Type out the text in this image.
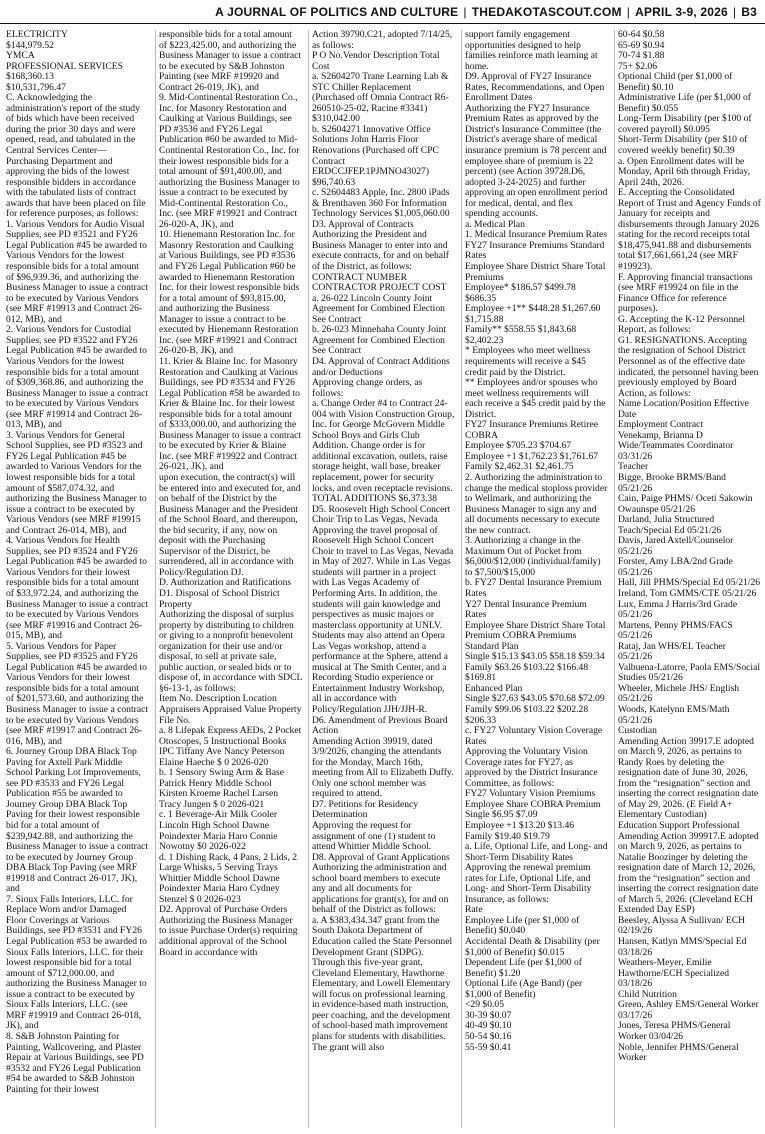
A JOURNAL OF POLITICS AND CULTURE | THEDAKOTASCOUT.COM | APRIL 3-9, 2026 | B3

ELECTRICITY

$144,979.52

YMCA

PROFESSIONAL SERVICES

$168,360.13

$10,531,796.47

C. Acknowledging the administration's report of the study of bids which have been received during the prior 30 days and were opened, read, and tabulated in the Central Services Center—Purchasing Department and approving the bids of the lowest responsible bidders in accordance with the tabulated lists of contract awards that have been placed on file for reference purposes, as follows:

1. Various Vendors for Audio Visual Supplies, see PD #3521 and FY26 Legal Publication #45 be awarded to Various Vendors for the lowest responsible bids for a total amount of $96,939.36, and authorizing the Business Manager to issue a contract to be executed by Various Vendors (see MRF #19913 and Contract 26-012, MB), and

2. Various Vendors for Custodial Supplies, see PD #3522 and FY26 Legal Publication #45 be awarded to Various Vendors for the lowest responsible bids for a total amount of $309,368.86, and authorizing the Business Manager to issue a contract to be executed by Various Vendors (see MRF #19914 and Contract 26-013, MB), and

3. Various Vendors for General School Supplies, see PD #3523 and FY26 Legal Publication #45 be awarded to Various Vendors for the lowest responsible bids for a total amount of $587,074.32, and authorizing the Business Manager to issue a contract to be executed by Various Vendors (see MRF #19915 and Contract 26-014, MB), and

4. Various Vendors for Health Supplies, see PD #3524 and FY26 Legal Publication #45 be awarded to Various Vendors for their lowest responsible bids for a total amount of $33,972.24, and authorizing the Business Manager to issue a contract to be executed by Various Vendors (see MRF #19916 and Contract 26-015, MB), and

5. Various Vendors for Paper Supplies, see PD #3525 and FY26 Legal Publication #45 be awarded to Various Vendors for their lowest responsible bids for a total amount of $201,573.60, and authorizing the Business Manager to issue a contract to be executed by Various Vendors (see MRF #19917 and Contract 26-016, MB), and

6. Journey Group DBA Black Top Paving for Axtell Park Middle School Parking Lot Improvements, see PD #3533 and FY26 Legal Publication #55 be awarded to Journey Group DBA Black Top Paving for their lowest responsible bid for a total amount of $239,942.88, and authorizing the Business Manager to issue a contract to be executed by Journey Group DBA Black Top Paving (see MRF #19918 and Contract 26-017, JK), and

7. Sioux Falls Interiors, LLC. for Replace Worn and/or Damaged Floor Coverings at Various Buildings, see PD #3531 and FY26 Legal Publication #53 be awarded to Sioux Falls Interiors, LLC. for their lowest responsible bid for a total amount of $712,000.00, and authorizing the Business Manager to issue a contract to be executed by Sioux Falls Interiors, LLC. (see MRF #19919 and Contract 26-018, JK), and

8. S&B Johnston Painting for Painting, Wallcovering, and Plaster Repair at Various Buildings, see PD #3532 and FY26 Legal Publication #54 be awarded to S&B Johnston Painting for their lowest

responsible bids for a total amount of $223,425.00, and authorizing the Business Manager to issue a contract to be executed by S&B Johnston Painting (see MRF #19920 and Contract 26-019, JK), and

9. Mid-Continental Restoration Co., Inc. for Masonry Restoration and Caulking at Various Buildings, see PD #3536 and FY26 Legal Publication #60 be awarded to Mid-Continental Restoration Co., Inc. for their lowest responsible bids for a total amount of $91,400.00, and authorizing the Business Manager to issue a contract to be executed by Mid-Continental Restoration Co., Inc. (see MRF #19921 and Contract 26-020-A, JK), and

10. Hienemann Restoration Inc. for Masonry Restoration and Caulking at Various Buildings, see PD #3536 and FY26 Legal Publication #60 be awarded to Hienemann Restoration Inc. for their lowest responsible bids for a total amount of $93,815.00, and authorizing the Business Manager to issue a contract to be executed by Hienemann Restoration Inc. (see MRF #19921 and Contract 26-020-B, JK), and

11. Krier & Blaine Inc. for Masonry Restoration and Caulking at Various Buildings, see PD #3534 and FY26 Legal Publication #58 be awarded to Krier & Blaine Inc. for their lowest responsible bids for a total amount of $333,000.00, and authorizing the Business Manager to issue a contract to be executed by Krier & Blaine Inc. (see MRF #19922 and Contract 26-021, JK), and

upon execution, the contract(s) will be entered into and executed for, and on behalf of the District by the Business Manager and the President of the School Board, and thereupon, the bid security, if any, now on deposit with the Purchasing Supervisor of the District, be surrendered, all in accordance with Policy/Regulation DJ.

D. Authorization and Ratifications

D1. Disposal of School District Property

Authorizing the disposal of surplus property by distributing to children or giving to a nonprofit benevolent organization for their use and/or disposal, to sell at private sale, public auction, or sealed bids or to dispose of, in accordance with SDCL §6-13-1, as follows:

Item No. Description Location Appraisers Appraised Value Property File No.

a. 8 Lifepak Express AEDs, 2 Pocket Otoscopes, 5 Instructional Books IPC Tiffany Ave Nancy Peterson Elaine Haeche $ 0 2026-020

b. 1 Sensory Swing Arm & Base Patrick Henry Middle School Kirsten Kroeme Rachel Larsen Tracy Jungen $ 0 2026-021

c. 1 Beverage-Air Milk Cooler Lincoln High School Dawne Poindexter Maria Haro Connie Nowotny $0 2026-022

d. 1 Dishing Rack, 4 Pans, 2 Lids, 2 Large Whisks, 5 Serving Trays Whittier Middle School Dawne Poindexter Maria Haro Cydney Stenzel $ 0 2026-023

D2. Approval of Purchase Orders

Authorizing the Business Manager to issue Purchase Order(s) requiring additional approval of the School Board in accordance with

Action 39790.C21, adopted 7/14/25, as follows:

P O No.Vendor Description Total Cost

a. S2604270 Trane Learning Lab & STC Chiller Replacement (Purchased off Omnia Contract R6-260510-25-02, Racine #3341) $310,042.00

b. S2604271 Innovative Office Solutions John Harris Floor Renovations (Purchased off CPC Contract ERDCCJFEP.1PJMNO43027) $96,740.63

c. S2604483 Apple, Inc. 2800 iPads & Brenthaven 360 For Information Technology Services $1,005,060.00

D3. Approval of Contracts

Authorizing the President and Business Manager to enter into and execute contracts, for and on behalf of the District, as follows:

CONTRACT NUMBER CONTRACTOR PROJECT COST

a. 26-022 Lincoln County Joint Agreement for Combined Election See Contract

b. 26-023 Minnehaha County Joint Agreement for Combined Election See Contract

D4. Approval of Contract Additions and/or Deductions

Approving change orders, as follows:

a. Change Order #4 to Contract 24-004 with Vision Construction Group, Inc. for George McGovern Middle School Boys and Girls Club Addition. Change order is for additional excavation, outlets, raise storage height, wall base, breaker replacement, power for security locks, and oven receptacle revisions.

TOTAL ADDITIONS $6,373.38

D5. Roosevelt High School Concert Choir Trip to Las Vegas, Nevada

Approving the travel proposal of Roosevelt High School Concert Choir to travel to Las Vegas, Nevada in May of 2027. While in Las Vegas students will partner in a project with Las Vegas Academy of Performing Arts. In addition, the students will gain knowledge and perspectives as music majors or masterclass opportunity at UNLV. Students may also attend an Opera Las Vegas workshop, attend a performance at the Sphere, attend a musical at The Smith Center, and a Recording Studio experience or Entertainment Industry Workshop, all in accordance with Policy/Regulation JJH/JJH-R.

D6. Amendment of Previous Board Action

Amending Action 39919, dated 3/9/2026, changing the attendants for the Monday, March 16th, meeting from All to Elizabeth Duffy. Only one school member was required to attend.

D7. Petitions for Residency Determination

Approving the request for assignment of one (1) student to attend Whittier Middle School.

D8. Approval of Grant Applications

Authorizing the administration and school board members to execute any and all documents for applications for grant(s), for and on behalf of the District as follows:

a. A $383,434.347 grant from the South Dakota Department of Education called the State Personnel Development Grant (SDPG). Through this five-year grant, Cleveland Elementary, Hawthorne Elementary, and Lowell Elementary will focus on professional learning in evidence-based math instruction, peer coaching, and the development of school-based math improvement plans for students with disabilities. The grant will also

support family engagement opportunities designed to help families reinforce math learning at home.

D9. Approval of FY27 Insurance Rates, Recommendations, and Open Enrollment Dates

Authorizing the FY27 Insurance Premium Rates as approved by the District's Insurance Committee (the District's average share of medical insurance premium is 78 percent and employee share of premium is 22 percent) (see Action 39728.D6, adopted 3-24-2025) and further approving an open enrollment period for medical, dental, and flex spending accounts.

a. Medical Plan

1. Medical Insurance Premium Rates

FY27 Insurance Premiums Standard Rates

Employee Share District Share Total Premiums

Employee* $186.57 $499.78 $686.35

Employee +1** $448.28 $1,267.60 $1,715.88

Family** $558.55 $1,843.68 $2,402.23

* Employees who meet wellness requirements will receive a $45 credit paid by the District.

** Employees and/or spouses who meet wellness requirements will each receive a $45 credit paid by the District.

FY27 Insurance Premiums Retiree COBRA

Employee $705.23 $704.67

Employee +1 $1,762.23 $1,761.67

Family $2,462.31 $2,461.75

2. Authorizing the administration to change the medical stoploss provider to Wellmark, and authorizing the Business Manager to sign any and all documents necessary to execute the new contract.

3. Authorizing a change in the Maximum Out of Pocket from $6,000/$12,000 (individual/family) to $7,500/$15,000

b. FY27 Dental Insurance Premium Rates

Y27 Dental Insurance Premium Rates

Employee Share District Share Total Premium COBRA Premiums

Standard Plan

Single $15.13 $43.05 $58.18 $59.34

Family $63.26 $103.22 $166.48 $169.81

Enhanced Plan

Single $27.63 $43.05 $70.68 $72.09

Family $99.06 $103.22 $202.28 $206.33

c. FY27 Voluntary Vision Coverage Rates

Approving the Voluntary Vision Coverage rates for FY27, as approved by the District Insurance Committee, as follows:

FY27 Voluntary Vision Premiums

Employee Share COBRA Premium

Single $6.95 $7.09

Employee +1 $13.20 $13.46

Family $19.40 $19.79

a. Life, Optional Life, and Long- and Short-Term Disability Rates

Approving the renewal premium rates for Life, Optional Life, and Long- and Short-Term Disability Insurance, as follows:

Rate

Employee Life (per $1,000 of Benefit) $0.040

Accidental Death & Disability (per $1,000 of Benefit) $0.015

Dependent Life (per $1,000 of Benefit) $1.20

Optional Life (Age Band) (per $1,000 of Benefit)

<29 $0.05

30-39 $0.07

40-49 $0.10

50-54 $0.16

55-59 $0.41

60-64 $0.58

65-69 $0.94

70-74 $1.88

75+ $2.06

Optional Child (per $1,000 of Benefit) $0.10

Administrative Life (per $1,000 of Benefit) $0.055

Long-Term Disability (per $100 of covered payroll) $0.095

Short-Term Disability (per $10 of covered weekly benefit) $0.39

a. Open Enrollment dates will be Monday, April 6th through Friday, April 24th, 2026.

E. Accepting the Consolidated Report of Trust and Agency Funds of January for receipts and disbursements through January 2026 stating for the record receipts total $18,475,941.88 and disbursements total $17,661,661,24 (see MRF #19923).

F. Approving financial transactions (see MRF #19924 on file in the Finance Office for reference purposes).

G. Accepting the K-12 Personnel Report, as follows:

G1. RESIGNATIONS. Accepting the resignation of School District Personnel as of the effective date indicated, the personnel having been previously employed by Board Action, as follows:

Name Location/Position Effective Date

Employment Contract

Venekamp, Brianna D Wide/Teammates Coordinator 03/31/26

Teacher

Bigge, Brooke BRMS/Band 05/21/26

Cain, Paige PHMS/ Oceti Sakowin Owaunspe 05/21/26

Darland, Julia Structured Teach/Special Ed 05/21/26

Davis, Jared Axtell/Counselor 05/21/26

Forster, Amy LBA/2nd Grade 05/21/26

Hall, Jill PHMS/Special Ed 05/21/26

Ireland, Tom GMMS/CTE 05/21/26

Lux, Emma J Harris/3rd Grade 05/21/26

Martens, Penny PHMS/FACS 05/21/26

Rataj, Jan WHS/EL Teacher 05/21/26

Valbuena-Latorre, Paola EMS/Social Studies 05/21/26

Wheeler, Michele JHS/ English 05/21/26

Woods, Katelynn EMS/Math 05/21/26

Custodian

Amending Action 39917.E adopted on March 9, 2026, as pertains to Randy Roes by deleting the resignation date of June 30, 2026, from the “resignation” section and inserting the correct resignation date of May 29, 2026. (E Field A+ Elementary Custodian)

Education Support Professional

Amending Action 399917.E adopted on March 9, 2026, as pertains to Natalie Boozinger by deleting the resignation date of March 12, 2026, from the “resignation” section and inserting the correct resignation date of March 5, 2026. (Cleveland ECH Extended Day ESP)

Beesley, Alyssa A Sullivan/ ECH 02/19/26

Hansen, Katlyn MMS/Special Ed 03/18/26

Weathers-Meyer, Emilie Hawthorne/ECH Specialized 03/18/26

Child Nutrition

Green, Ashley EMS/General Worker 03/17/26

Jones, Teresa PHMS/General Worker 03/04/26

Noble, Jennifer PHMS/General Worker
